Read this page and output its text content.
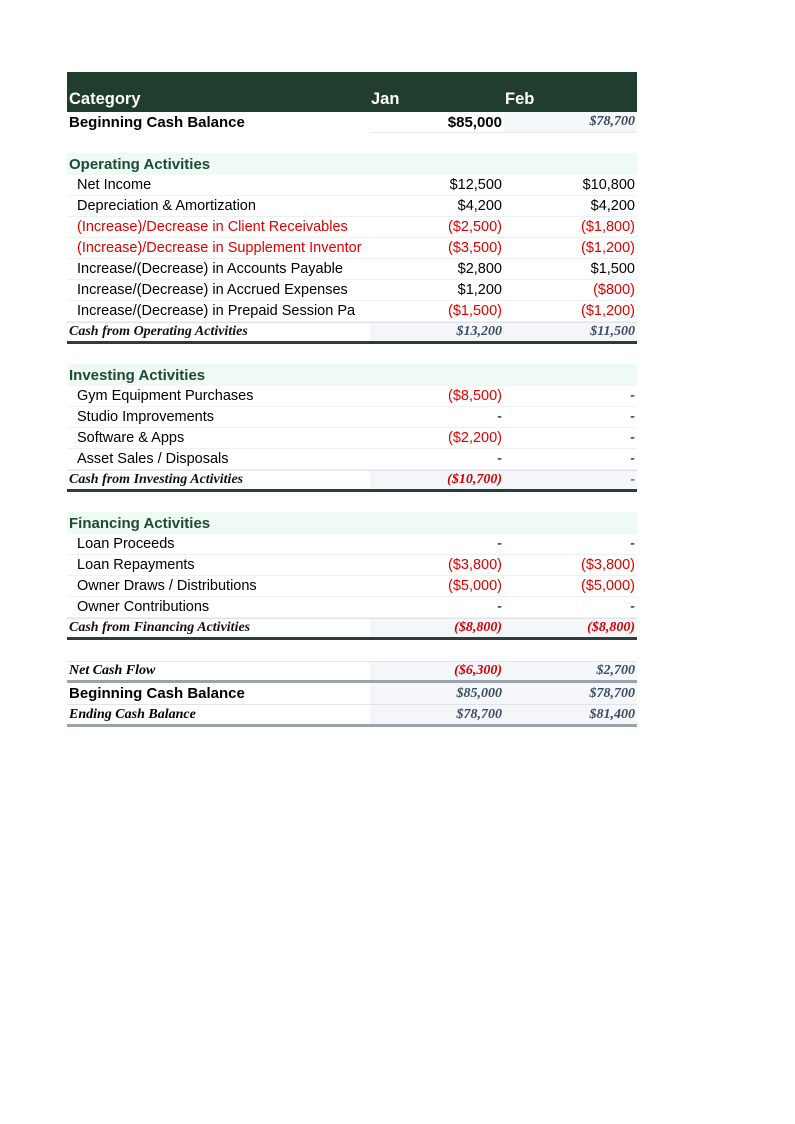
Category	Jan	Feb
Beginning Cash Balance	$85,000	$78,700
Operating Activities
Net Income	$12,500	$10,800
Depreciation & Amortization	$4,200	$4,200
(Increase)/Decrease in Client Receivables	($2,500)	($1,800)
(Increase)/Decrease in Supplement Inventor	($3,500)	($1,200)
Increase/(Decrease) in Accounts Payable	$2,800	$1,500
Increase/(Decrease) in Accrued Expenses	$1,200	($800)
Increase/(Decrease) in Prepaid Session Pa	($1,500)	($1,200)
Cash from Operating Activities	$13,200	$11,500
Investing Activities
Gym Equipment Purchases	($8,500)	-
Studio Improvements	-	-
Software & Apps	($2,200)	-
Asset Sales / Disposals	-	-
Cash from Investing Activities	($10,700)	-
Financing Activities
Loan Proceeds	-	-
Loan Repayments	($3,800)	($3,800)
Owner Draws / Distributions	($5,000)	($5,000)
Owner Contributions	-	-
Cash from Financing Activities	($8,800)	($8,800)
Net Cash Flow	($6,300)	$2,700
Beginning Cash Balance	$85,000	$78,700
Ending Cash Balance	$78,700	$81,400
